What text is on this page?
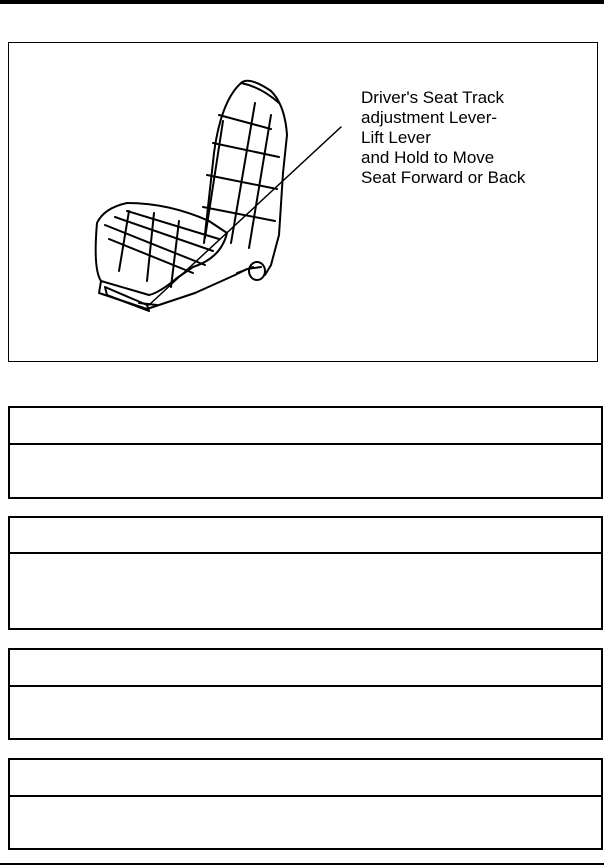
Driver's Seat Track
adjustment Lever-
Lift Lever
and Hold to Move
Seat Forward or Back
